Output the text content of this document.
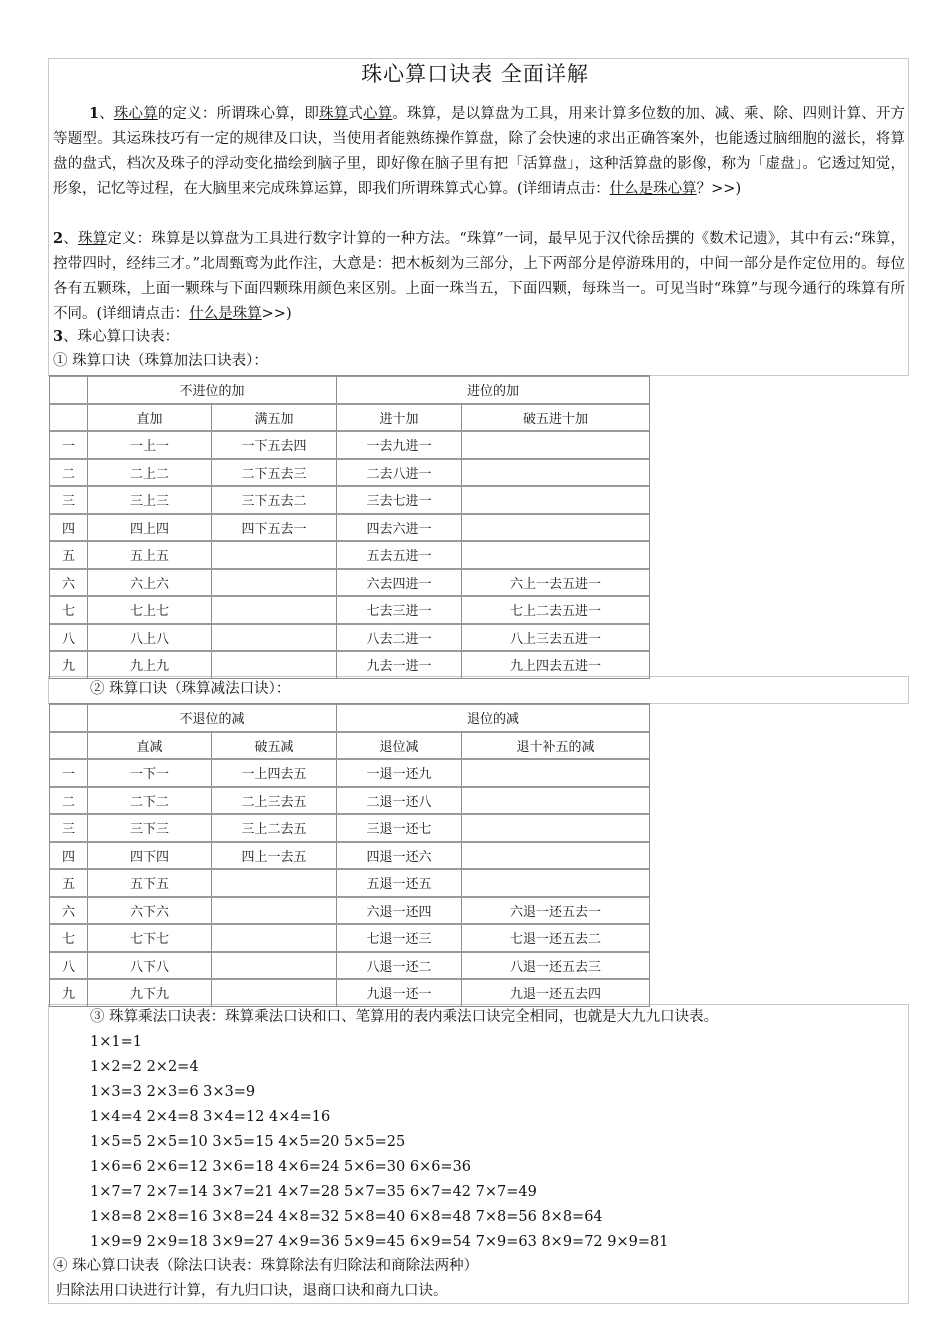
珠心算口诀表 全面详解
1、珠心算的定义：所谓珠心算，即珠算式心算。珠算，是以算盘为工具，用来计算多位数的加、减、乘、除、四则计算、开方等题型。其运珠技巧有一定的规律及口诀，当使用者能熟练操作算盘，除了会快速的求出正确答案外，也能透过脑细胞的滋长，将算盘的盘式，档次及珠子的浮动变化描绘到脑子里，即好像在脑子里有把「活算盘」，这种活算盘的影像，称为「虚盘」。它透过知觉，形象，记忆等过程，在大脑里来完成珠算运算，即我们所谓珠算式心算。(详细请点击：什么是珠心算？>>)
2、珠算定义：珠算是以算盘为工具进行数字计算的一种方法。“珠算”一词，最早见于汉代徐岳撰的《数术记遗》，其中有云:“珠算，控带四时，经纬三才。”北周甄鸾为此作注，大意是：把木板刻为三部分，上下两部分是停游珠用的，中间一部分是作定位用的。每位各有五颗珠，上面一颗珠与下面四颗珠用颜色来区别。上面一珠当五，下面四颗，每珠当一。可见当时“珠算”与现今通行的珠算有所不同。(详细请点击：什么是珠算>>)
3、珠心算口诀表：
① 珠算口诀（珠算加法口诀表）：
	不进位的加		进位的加	
	直加	满五加	进十加	破五进十加
一	一上一	一下五去四	一去九进一	
二	二上二	二下五去三	二去八进一	
三	三上三	三下五去二	三去七进一	
四	四上四	四下五去一	四去六进一	
五	五上五		五去五进一	
六	六上六		六去四进一	六上一去五进一
七	七上七		七去三进一	七上二去五进一
八	八上八		八去二进一	八上三去五进一
九	九上九		九去一进一	九上四去五进一
② 珠算口诀（珠算减法口诀）：
	不退位的减		退位的减	
	直减	破五减	退位减	退十补五的减
一	一下一	一上四去五	一退一还九	
二	二下二	二上三去五	二退一还八	
三	三下三	三上二去五	三退一还七	
四	四下四	四上一去五	四退一还六	
五	五下五		五退一还五	
六	六下六		六退一还四	六退一还五去一
七	七下七		七退一还三	七退一还五去二
八	八下八		八退一还二	八退一还五去三
九	九下九		九退一还一	九退一还五去四
③ 珠算乘法口诀表：珠算乘法口诀和口、笔算用的表内乘法口诀完全相同，也就是大九九口诀表。
1×1=1
1×2=2 2×2=4
1×3=3 2×3=6 3×3=9
1×4=4 2×4=8 3×4=12 4×4=16
1×5=5 2×5=10 3×5=15 4×5=20 5×5=25
1×6=6 2×6=12 3×6=18 4×6=24 5×6=30 6×6=36
1×7=7 2×7=14 3×7=21 4×7=28 5×7=35 6×7=42 7×7=49
1×8=8 2×8=16 3×8=24 4×8=32 5×8=40 6×8=48 7×8=56 8×8=64
1×9=9 2×9=18 3×9=27 4×9=36 5×9=45 6×9=54 7×9=63 8×9=72 9×9=81
④ 珠心算口诀表（除法口诀表：珠算除法有归除法和商除法两种）
归除法用口诀进行计算，有九归口诀，退商口诀和商九口诀。
